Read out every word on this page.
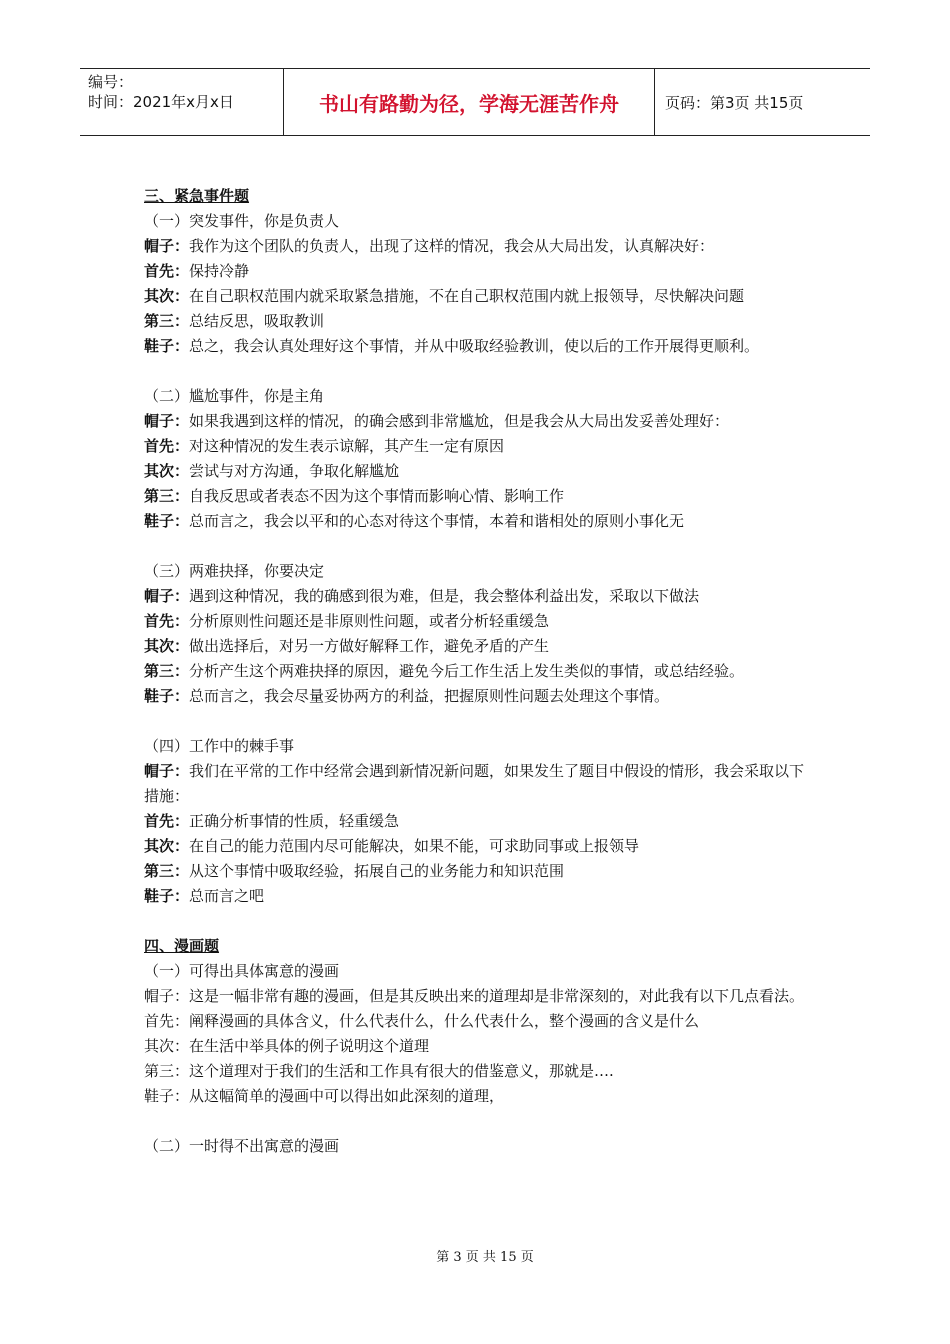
编号：
时间：2021年x月x日	书山有路勤为径，学海无涯苦作舟	页码：第3页 共15页
三、紧急事件题
（一）突发事件，你是负责人
帽子：我作为这个团队的负责人，出现了这样的情况，我会从大局出发，认真解决好：
首先：保持冷静
其次：在自己职权范围内就采取紧急措施，不在自己职权范围内就上报领导，尽快解决问题
第三：总结反思，吸取教训
鞋子：总之，我会认真处理好这个事情，并从中吸取经验教训，使以后的工作开展得更顺利。
（二）尴尬事件，你是主角
帽子：如果我遇到这样的情况，的确会感到非常尴尬，但是我会从大局出发妥善处理好：
首先：对这种情况的发生表示谅解，其产生一定有原因
其次：尝试与对方沟通，争取化解尴尬
第三：自我反思或者表态不因为这个事情而影响心情、影响工作
鞋子：总而言之，我会以平和的心态对待这个事情，本着和谐相处的原则小事化无
（三）两难抉择，你要决定
帽子：遇到这种情况，我的确感到很为难，但是，我会整体利益出发，采取以下做法
首先：分析原则性问题还是非原则性问题，或者分析轻重缓急
其次：做出选择后，对另一方做好解释工作，避免矛盾的产生
第三：分析产生这个两难抉择的原因，避免今后工作生活上发生类似的事情，或总结经验。
鞋子：总而言之，我会尽量妥协两方的利益，把握原则性问题去处理这个事情。
（四）工作中的棘手事
帽子：我们在平常的工作中经常会遇到新情况新问题，如果发生了题目中假设的情形，我会采取以下措施：
首先：正确分析事情的性质，轻重缓急
其次：在自己的能力范围内尽可能解决，如果不能，可求助同事或上报领导
第三：从这个事情中吸取经验，拓展自己的业务能力和知识范围
鞋子：总而言之吧
四、漫画题
（一）可得出具体寓意的漫画
帽子：这是一幅非常有趣的漫画，但是其反映出来的道理却是非常深刻的，对此我有以下几点看法。
首先：阐释漫画的具体含义，什么代表什么，什么代表什么，整个漫画的含义是什么
其次：在生活中举具体的例子说明这个道理
第三：这个道理对于我们的生活和工作具有很大的借鉴意义，那就是….
鞋子：从这幅简单的漫画中可以得出如此深刻的道理，
（二）一时得不出寓意的漫画
第 3 页 共 15 页
